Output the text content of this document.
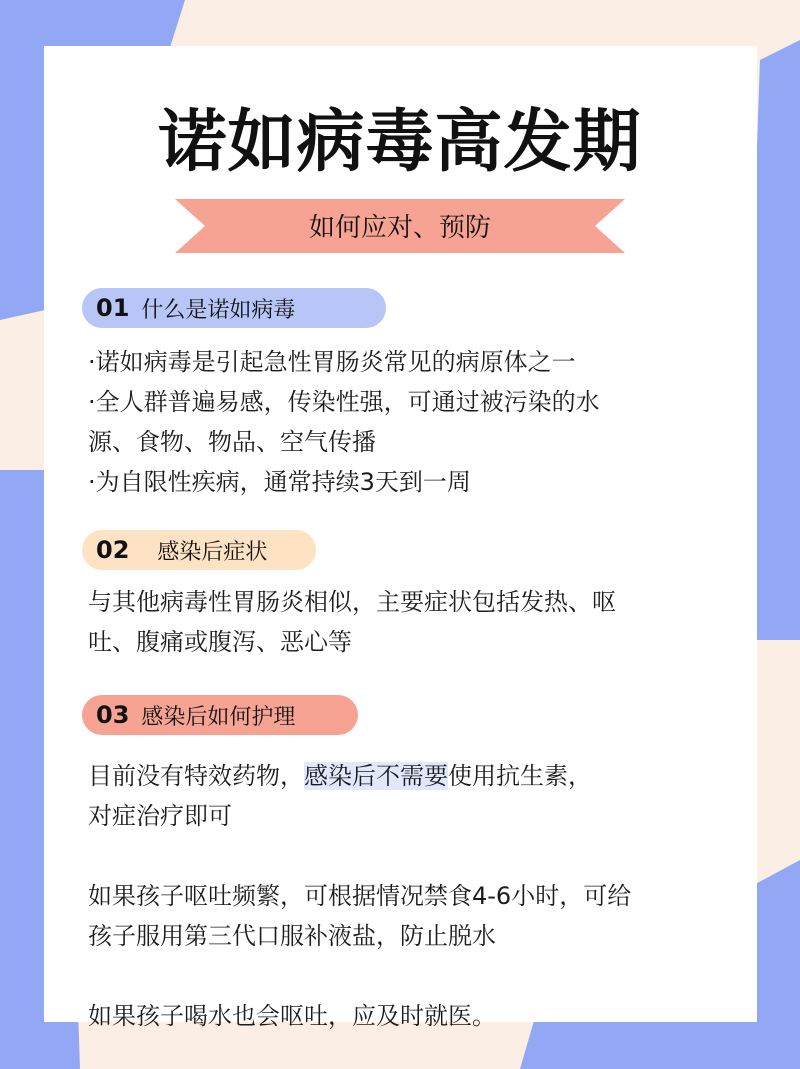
诺如病毒高发期
如何应对、预防
01 什么是诺如病毒
·诺如病毒是引起急性胃肠炎常见的病原体之一
·全人群普遍易感，传染性强，可通过被污染的水
源、食物、物品、空气传播
·为自限性疾病，通常持续3天到一周
02 感染后症状
与其他病毒性胃肠炎相似，主要症状包括发热、呕
吐、腹痛或腹泻、恶心等
03 感染后如何护理
目前没有特效药物，感染后不需要使用抗生素，
对症治疗即可
如果孩子呕吐频繁，可根据情况禁食4-6小时，可给
孩子服用第三代口服补液盐，防止脱水
如果孩子喝水也会呕吐，应及时就医。
